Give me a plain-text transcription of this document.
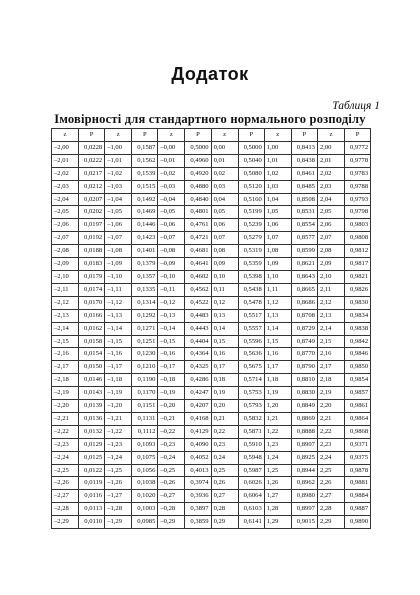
Додаток
Таблиця 1
Імовірності для стандартного нормального розподілу
z	P	z	P	z	P	z	P	z	P	z	P
–2,00	0,0228	–1,00	0,1587	–0,00	0,5000	0,00	0,5000	1,00	0,8413	2,00	0,9772
–2,01	0,0222	–1,01	0,1562	–0,01	0,4960	0,01	0,5040	1,01	0,8438	2,01	0,9778
–2,02	0,0217	–1,02	0,1539	–0,02	0,4920	0,02	0,5080	1,02	0,8461	2,02	0,9783
–2,03	0,0212	–1,03	0,1515	–0,03	0,4880	0,03	0,5120	1,03	0,8485	2,03	0,9788
–2,04	0,0207	–1,04	0,1492	–0,04	0,4840	0,04	0,5160	1,04	0,8508	2,04	0,9793
–2,05	0,0202	–1,05	0,1469	–0,05	0,4801	0,05	0,5199	1,05	0,8531	2,05	0,9798
–2,06	0,0197	–1,06	0,1446	–0,06	0,4761	0,06	0,5239	1,06	0,8554	2,06	0,9803
–2,07	0,0192	–1,07	0,1423	–0,07	0,4721	0,07	0,5279	1,07	0,8577	2,07	0,9808
–2,08	0,0188	–1,08	0,1401	–0,08	0,4681	0,08	0,5319	1,08	0,8599	2,08	0,9812
–2,09	0,0183	–1,09	0,1379	–0,09	0,4641	0,09	0,5359	1,09	0,8621	2,09	0,9817
–2,10	0,0179	–1,10	0,1357	–0,10	0,4602	0,10	0,5398	1,10	0,8643	2,10	0,9821
–2,11	0,0174	–1,11	0,1335	–0,11	0,4562	0,11	0,5438	1,11	0,8665	2,11	0,9826
–2,12	0,0170	–1,12	0,1314	–0,12	0,4522	0,12	0,5478	1,12	0,8686	2,12	0,9830
–2,13	0,0166	–1,13	0,1292	–0,13	0,4483	0,13	0,5517	1,13	0,8708	2,13	0,9834
–2,14	0,0162	–1,14	0,1271	–0,14	0,4443	0,14	0,5557	1,14	0,8729	2,14	0,9838
–2,15	0,0158	–1,15	0,1251	–0,15	0,4404	0,15	0,5596	1,15	0,8749	2,15	0,9842
–2,16	0,0154	–1,16	0,1230	–0,16	0,4364	0,16	0,5636	1,16	0,8770	2,16	0,9846
–2,17	0,0150	–1,17	0,1210	–0,17	0,4325	0,17	0,5675	1,17	0,8790	2,17	0,9850
–2,18	0,0146	–1,18	0,1190	–0,18	0,4286	0,18	0,5714	1,18	0,8810	2,18	0,9854
–2,19	0,0143	–1,19	0,1170	–0,19	0,4247	0,19	0,5753	1,19	0,8830	2,19	0,9857
–2,20	0,0139	–1,20	0,1151	–0,20	0,4207	0,20	0,5793	1,20	0,8849	2,20	0,9861
–2,21	0,0136	–1,21	0,1131	–0,21	0,4168	0,21	0,5832	1,21	0,8869	2,21	0,9864
–2,22	0,0132	–1,22	0,1112	–0,22	0,4129	0,22	0,5871	1,22	0,8888	2,22	0,9868
–2,23	0,0129	–1,23	0,1093	–0,23	0,4090	0,23	0,5910	1,23	0,8907	2,23	0,9371
–2,24	0,0125	–1,24	0,1075	–0,24	0,4052	0,24	0,5948	1,24	0,8925	2,24	0,9375
–2,25	0,0122	–1,25	0,1056	–0,25	0,4013	0,25	0,5987	1,25	0,8944	2,25	0,9878
–2,26	0,0119	–1,26	0,1038	–0,26	0,3974	0,26	0,6026	1,26	0,8962	2,26	0,9881
–2,27	0,0116	–1,27	0,1020	–0,27	0,3936	0,27	0,6064	1,27	0,8980	2,27	0,9884
–2,28	0,0113	–1,28	0,1003	–0,28	0,3897	0,28	0,6103	1,28	0,8997	2,28	0,9887
–2,29	0,0110	–1,29	0,0985	–0,29	0,3859	0,29	0,6141	1,29	0,9015	2,29	0,9890
